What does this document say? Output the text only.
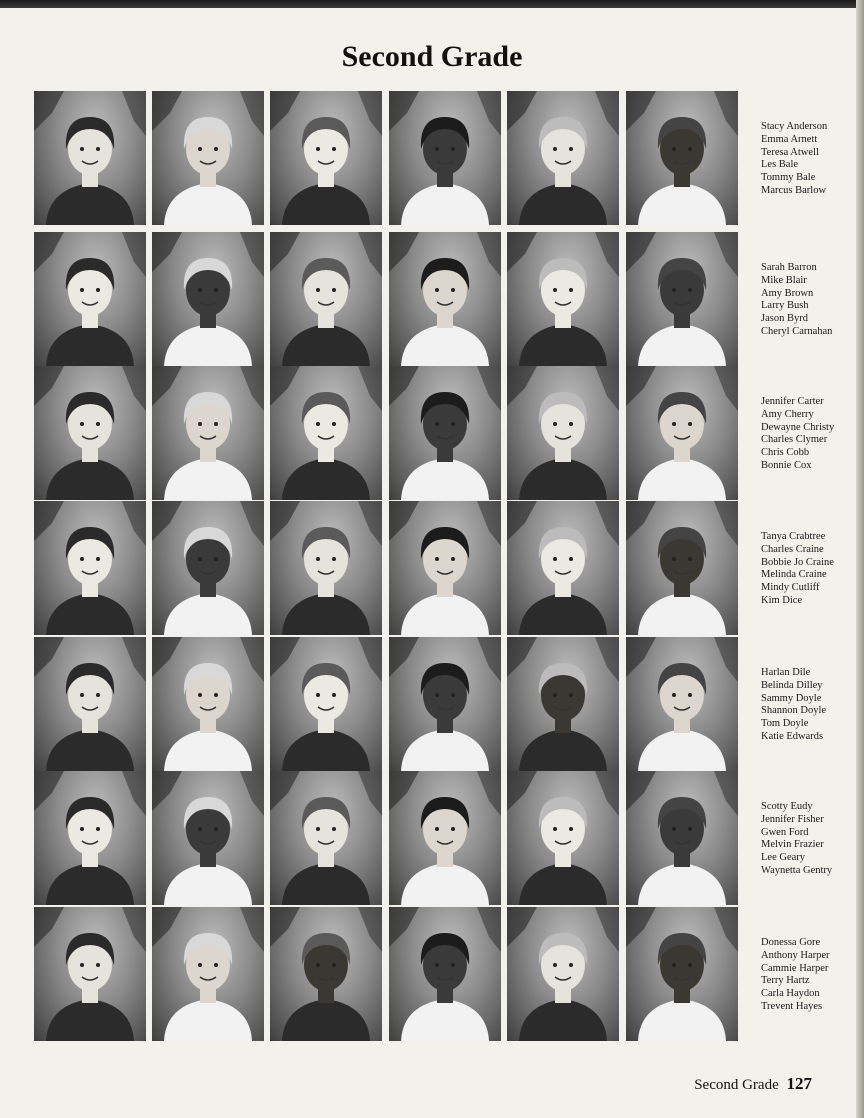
Second Grade
Stacy Anderson
Emma Arnett
Teresa Atwell
Les Bale
Tommy Bale
Marcus Barlow
Sarah Barron
Mike Blair
Amy Brown
Larry Bush
Jason Byrd
Cheryl Carnahan
Jennifer Carter
Amy Cherry
Dewayne Christy
Charles Clymer
Chris Cobb
Bonnie Cox
Tanya Crabtree
Charles Craine
Bobbie Jo Craine
Melinda Craine
Mindy Cutliff
Kim Dice
Harlan Dile
Belinda Dilley
Sammy Doyle
Shannon Doyle
Tom Doyle
Katie Edwards
Scotty Eudy
Jennifer Fisher
Gwen Ford
Melvin Frazier
Lee Geary
Waynetta Gentry
Donessa Gore
Anthony Harper
Cammie Harper
Terry Hartz
Carla Haydon
Trevent Hayes
Second Grade 127
